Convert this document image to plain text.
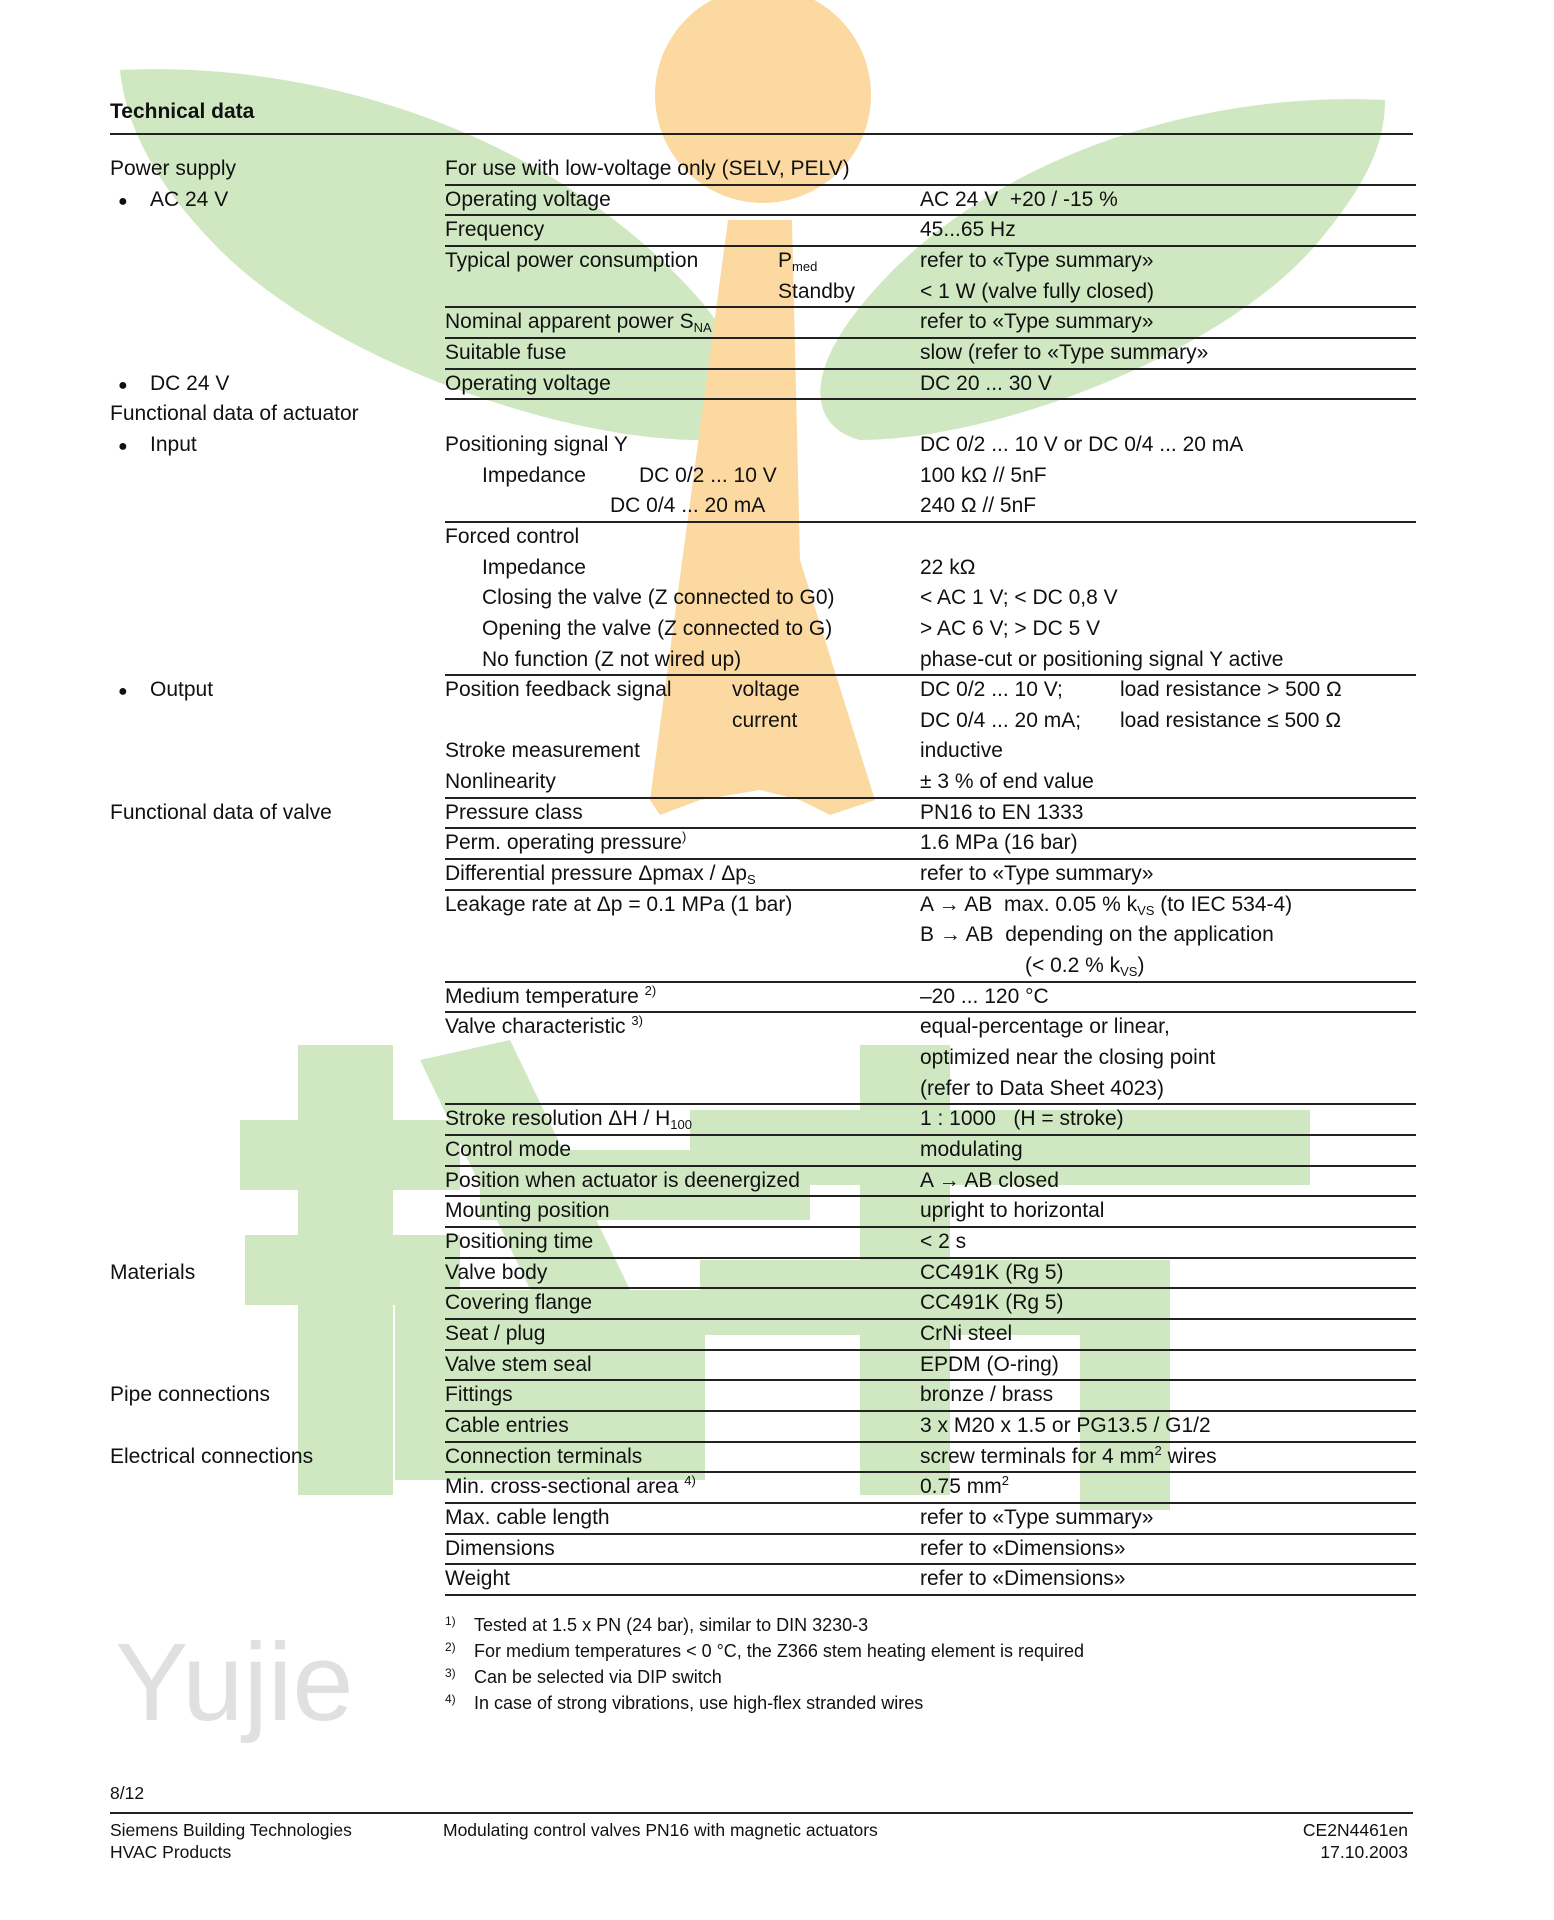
Yujie
Technical data
Power supply	For use with low-voltage only (SELV, PELV)
● AC 24 V	Operating voltage	AC 24 V  +20 / -15 %
Frequency	45...65 Hz
Typical power consumption	$P_{med}$	refer to «Type summary»
Standby	< 1 W (valve fully closed)
Nominal apparent power $S_{NA}$	refer to «Type summary»
Suitable fuse	slow (refer to «Type summary»
● DC 24 V	Operating voltage	DC 20 ... 30 V
Functional data of actuator
● Input	Positioning signal Y	DC 0/2 ... 10 V or DC 0/4 ... 20 mA
Impedance	DC 0/2 ... 10 V	100 kΩ // 5nF
DC 0/4 ... 20 mA	240 Ω // 5nF
Forced control
Impedance	22 kΩ
Closing the valve (Z connected to G0)	< AC 1 V; < DC 0,8 V
Opening the valve (Z connected to G)	> AC 6 V; > DC 5 V
No function (Z not wired up)	phase-cut or positioning signal Y active
● Output	Position feedback signal	voltage	DC 0/2 ... 10 V;	load resistance > 500 Ω
current	DC 0/4 ... 20 mA; load resistance ≤ 500 Ω
Stroke measurement	inductive
Nonlinearity	± 3 % of end value
Functional data of valve	Pressure class	PN16 to EN 1333
Perm. operating pressure)	1.6 MPa (16 bar)
Differential pressure Δpmax / $\Delta p_S$	refer to «Type summary»
Leakage rate at Δp = 0.1 MPa (1 bar)	A → AB  max. 0.05 % $k_{VS}$ (to IEC 534-4)
B → AB  depending on the application
(< 0.2 % $k_{VS}$)
Medium temperature $^{2)}$	–20 ... 120 °C
Valve characteristic $^{3)}$	equal-percentage or linear,
optimized near the closing point
(refer to Data Sheet 4023)
Stroke resolution ΔH / $H_{100}$	1 : 1000   (H = stroke)
Control mode	modulating
Position when actuator is deenergized	A → AB closed
Mounting position	upright to horizontal
Positioning time	< 2 s
Materials	Valve body	CC491K (Rg 5)
Covering flange	CC491K (Rg 5)
Seat / plug	CrNi steel
Valve stem seal	EPDM (O-ring)
Pipe connections	Fittings	bronze / brass
Cable entries	3 x M20 x 1.5 or PG13.5 / G1/2
Electrical connections	Connection terminals	screw terminals for 4 $mm^2$ wires
Min. cross-sectional area $^{4)}$	0.75 $mm^2$
Max. cable length	refer to «Type summary»
Dimensions	refer to «Dimensions»
Weight	refer to «Dimensions»
1) Tested at 1.5 x PN (24 bar), similar to DIN 3230-3
2) For medium temperatures < 0 °C, the Z366 stem heating element is required
3) Can be selected via DIP switch
4) In case of strong vibrations, use high-flex stranded wires
8/12
Siemens Building Technologies
HVAC Products
Modulating control valves PN16 with magnetic actuators	CE2N4461en
17.10.2003
